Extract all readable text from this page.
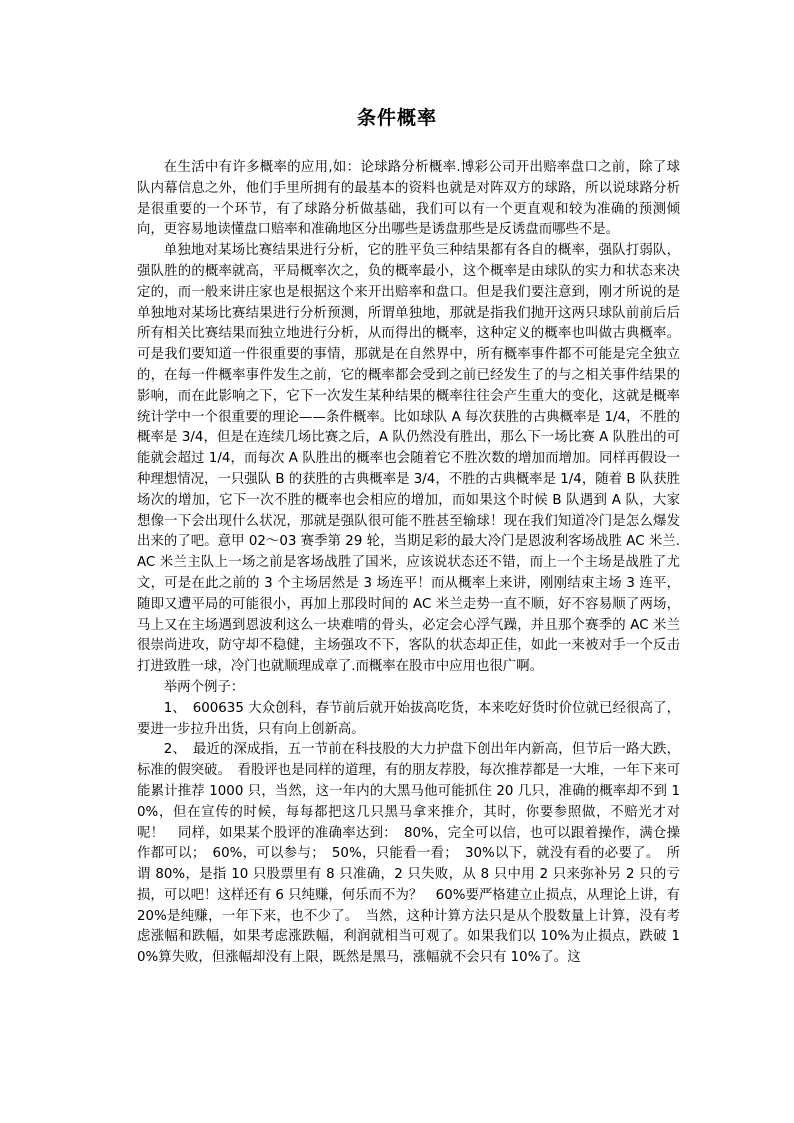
条件概率

在生活中有许多概率的应用,如：论球路分析概率.博彩公司开出赔率盘口之前，除了球队内幕信息之外，他们手里所拥有的最基本的资料也就是对阵双方的球路，所以说球路分析是很重要的一个环节，有了球路分析做基础，我们可以有一个更直观和较为准确的预测倾向，更容易地读懂盘口赔率和准确地区分出哪些是诱盘那些是反诱盘而哪些不是。

单独地对某场比赛结果进行分析，它的胜平负三种结果都有各自的概率，强队打弱队，强队胜的的概率就高，平局概率次之，负的概率最小，这个概率是由球队的实力和状态来决定的，而一般来讲庄家也是根据这个来开出赔率和盘口。但是我们要注意到，刚才所说的是单独地对某场比赛结果进行分析预测，所谓单独地，那就是指我们抛开这两只球队前前后后所有相关比赛结果而独立地进行分析，从而得出的概率，这种定义的概率也叫做古典概率。可是我们要知道一件很重要的事情，那就是在自然界中，所有概率事件都不可能是完全独立的，在每一件概率事件发生之前，它的概率都会受到之前已经发生了的与之相关事件结果的影响，而在此影响之下，它下一次发生某种结果的概率往往会产生重大的变化，这就是概率统计学中一个很重要的理论——条件概率。比如球队 A 每次获胜的古典概率是 1/4，不胜的概率是 3/4，但是在连续几场比赛之后，A 队仍然没有胜出，那么下一场比赛 A 队胜出的可能就会超过 1/4，而每次 A 队胜出的概率也会随着它不胜次数的增加而增加。同样再假设一种理想情况，一只强队 B 的获胜的古典概率是 3/4，不胜的古典概率是 1/4，随着 B 队获胜场次的增加，它下一次不胜的概率也会相应的增加，而如果这个时候 B 队遇到 A 队，大家想像一下会出现什么状况，那就是强队很可能不胜甚至输球！现在我们知道冷门是怎么爆发出来的了吧。意甲 02～03 赛季第 29 轮，当期足彩的最大冷门是恩波利客场战胜 AC 米兰. AC 米兰主队上一场之前是客场战胜了国米，应该说状态还不错，而上一个主场是战胜了尤文，可是在此之前的 3 个主场居然是 3 场连平！而从概率上来讲，刚刚结束主场 3 连平，随即又遭平局的可能很小，再加上那段时间的 AC 米兰走势一直不顺，好不容易顺了两场，马上又在主场遇到恩波利这么一块难啃的骨头，必定会心浮气躁，并且那个赛季的 AC 米兰很崇尚进攻，防守却不稳健，主场强攻不下，客队的状态却正佳，如此一来被对手一个反击打进致胜一球，冷门也就顺理成章了.而概率在股市中应用也很广啊。

举两个例子：

1、　600635 大众创科，春节前后就开始拔高吃货，本来吃好货时价位就已经很高了，要进一步拉升出货，只有向上创新高。

2、　最近的深成指，五一节前在科技股的大力护盘下创出年内新高，但节后一路大跌，标准的假突破。　看股评也是同样的道理，有的朋友荐股，每次推荐都是一大堆，一年下来可能累计推荐 1000 只，当然，这一年内的大黑马他可能抓住 20 几只，准确的概率却不到 10%，但在宣传的时候，每每都把这几只黑马拿来推介，其时，你要参照做，不赔光才对呢！　同样，如果某个股评的准确率达到：　80%，完全可以信，也可以跟着操作，满仓操作都可以；　60%，可以参与；　50%，只能看一看；　30%以下，就没有看的必要了。　所谓 80%，是指 10 只股票里有 8 只准确，2 只失败，从 8 只中用 2 只来弥补另 2 只的亏损，可以吧！这样还有 6 只纯赚，何乐而不为？　60%要严格建立止损点，从理论上讲，有 20%是纯赚，一年下来，也不少了。　当然，这种计算方法只是从个股数量上计算，没有考虑涨幅和跌幅，如果考虑涨跌幅，利润就相当可观了。如果我们以 10%为止损点，跌破 10%算失败，但涨幅却没有上限，既然是黑马，涨幅就不会只有 10%了。这
